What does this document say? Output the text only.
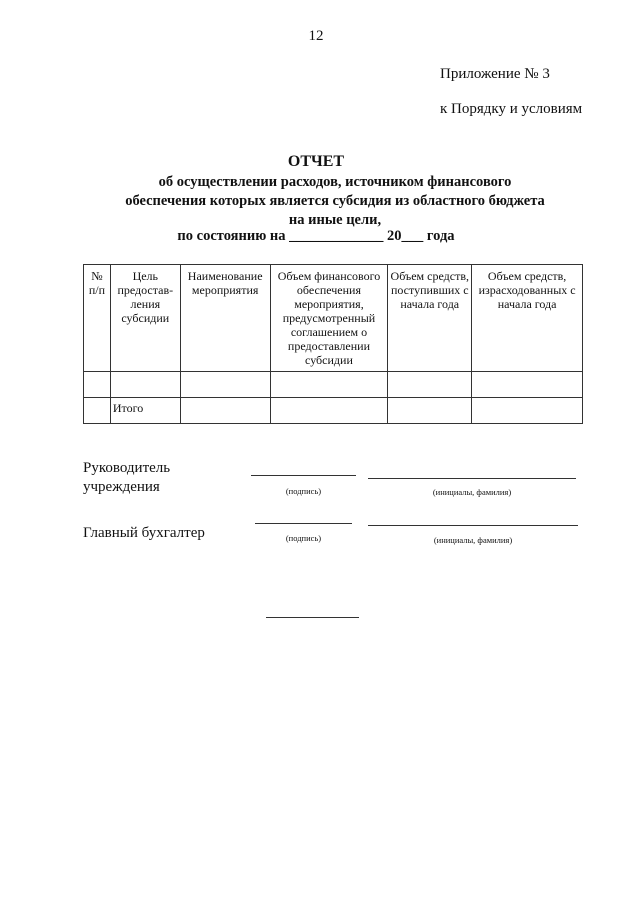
12
Приложение № 3
к Порядку и условиям
ОТЧЕТ
об осуществлении расходов, источником финансового обеспечения которых является субсидия из областного бюджета на иные цели,
по состоянию на _____________ 20___ года
№ п/п	Цель предостав-ления субсидии	Наименование мероприятия	Объем финансового обеспечения мероприятия, предусмотренный соглашением о предоставлении субсидии	Объем средств, поступивших с начала года	Объем средств, израсходованных с начала года

	Итого				
Руководитель учреждения	(подпись)	(инициалы, фамилия)
Главный бухгалтер	(подпись)	(инициалы, фамилия)
